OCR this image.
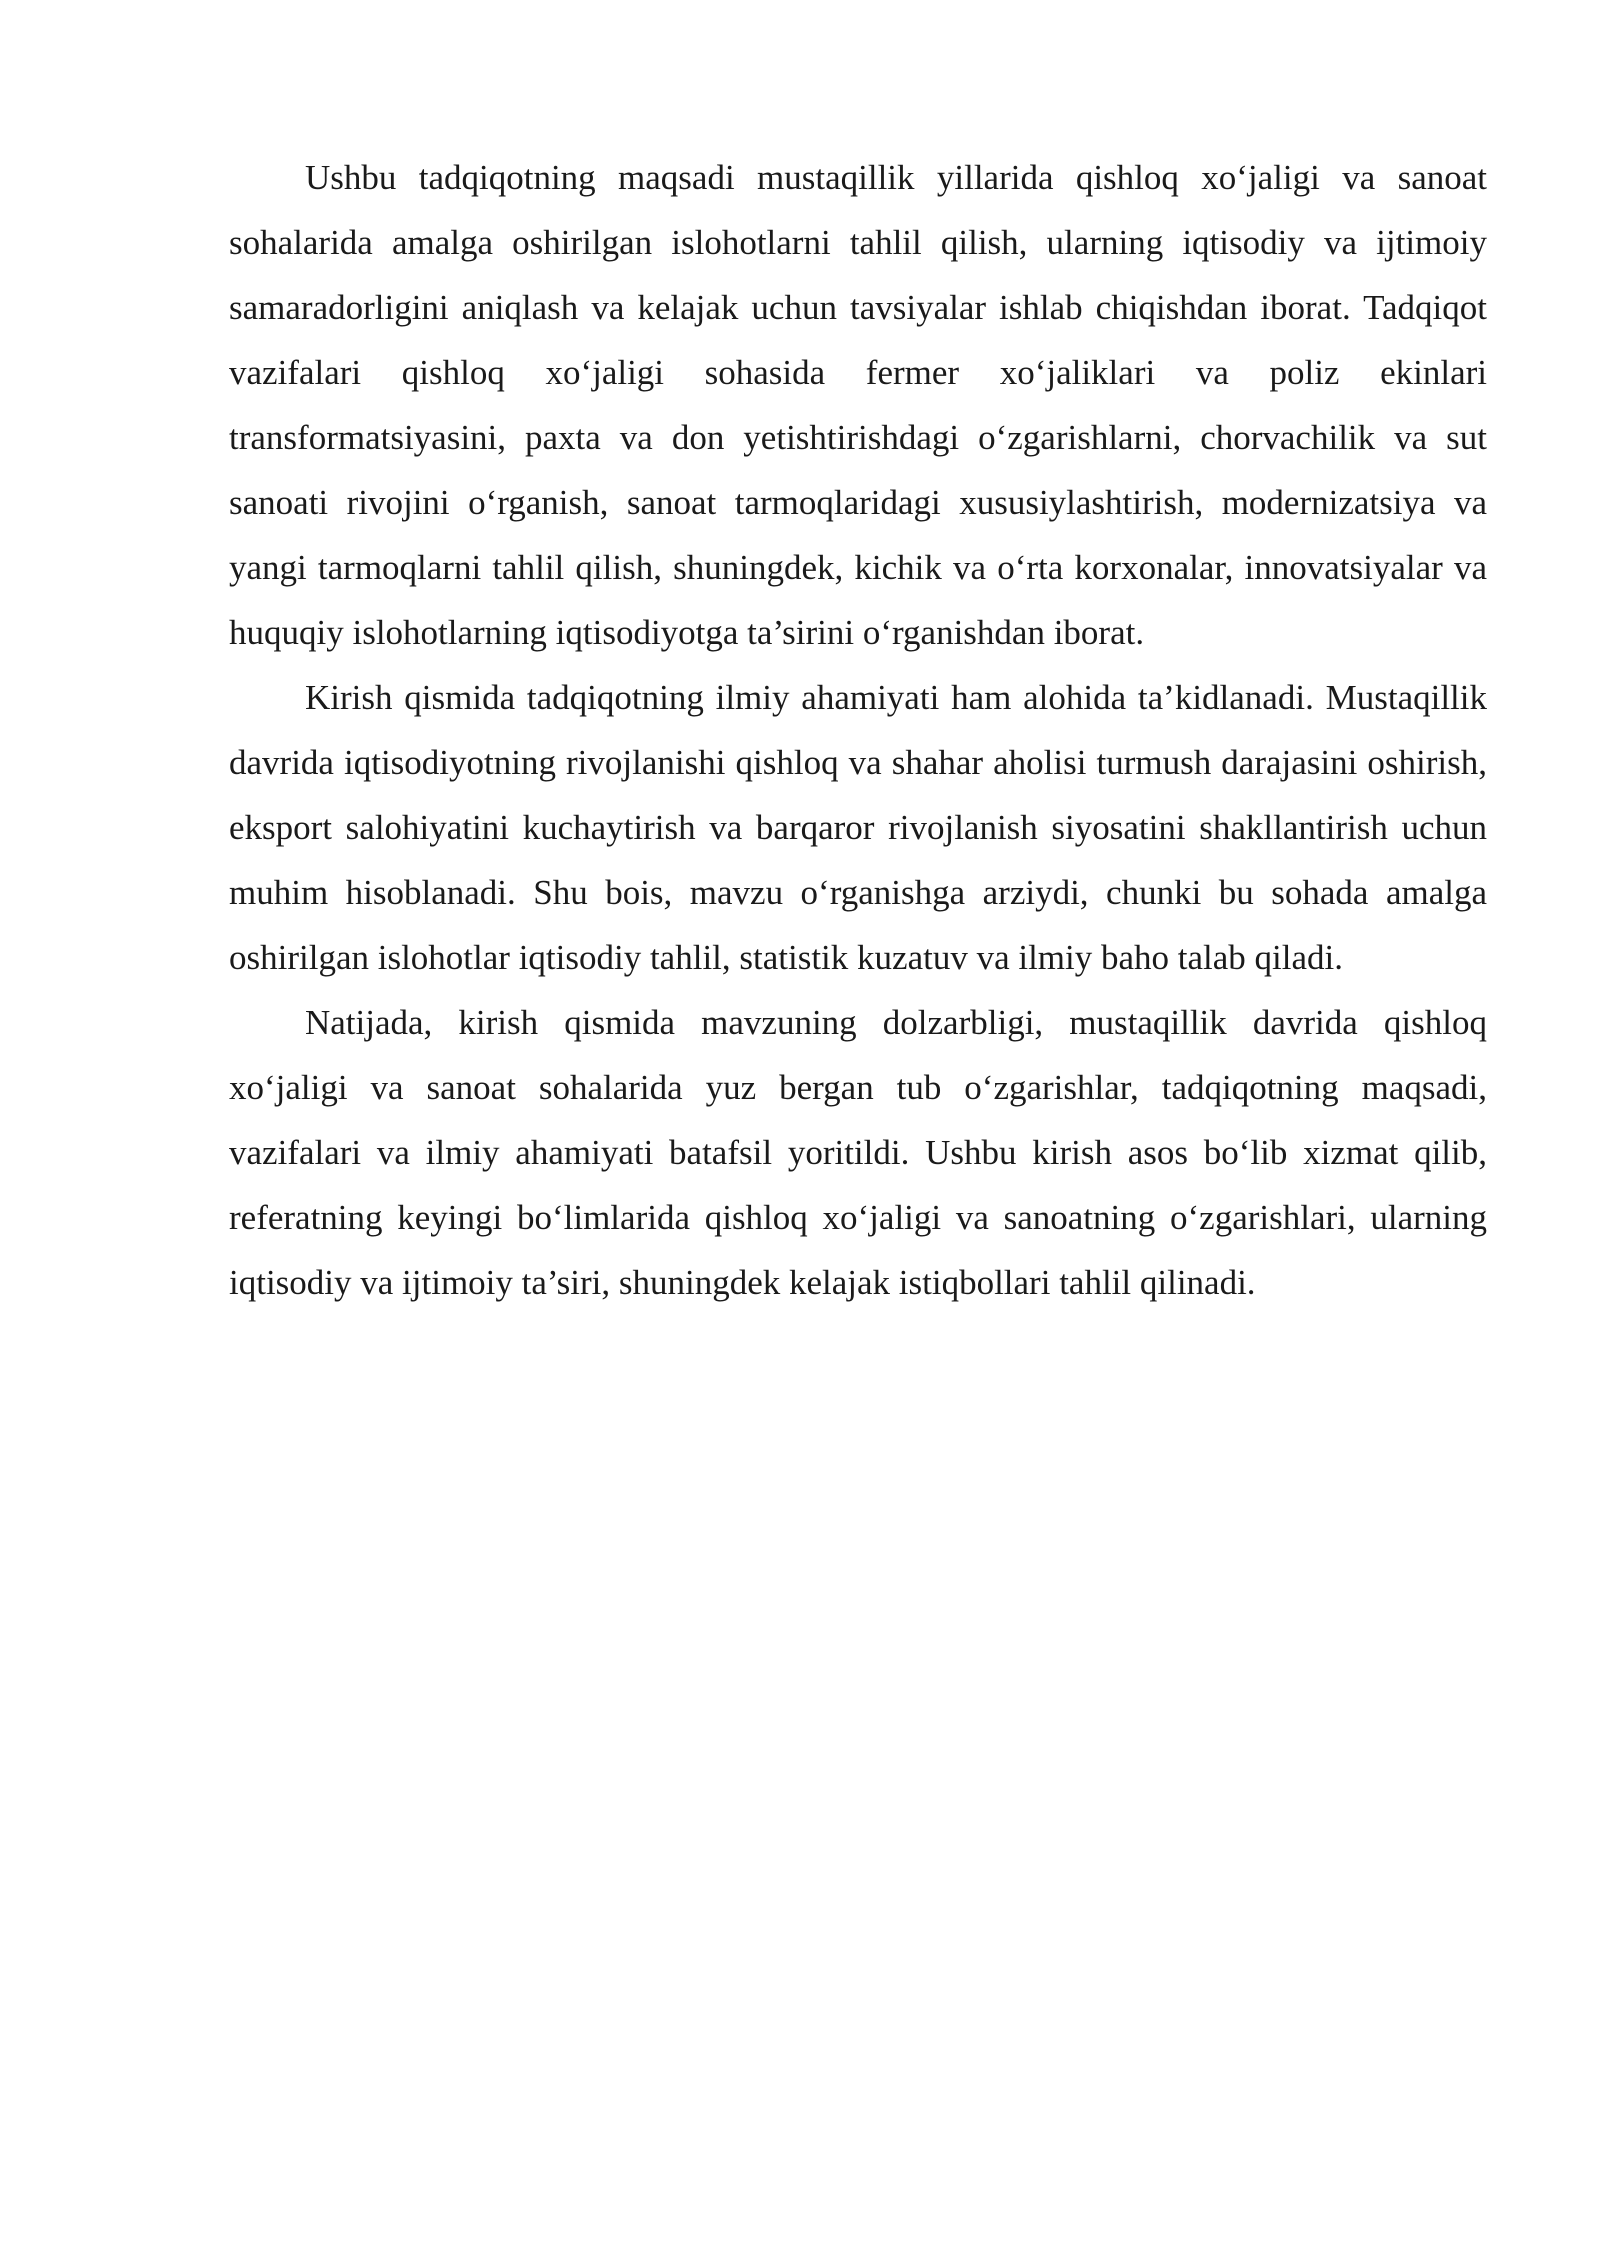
Ushbu tadqiqotning maqsadi mustaqillik yillarida qishloq xo‘jaligi va sanoat sohalarida amalga oshirilgan islohotlarni tahlil qilish, ularning iqtisodiy va ijtimoiy samaradorligini aniqlash va kelajak uchun tavsiyalar ishlab chiqishdan iborat. Tadqiqot vazifalari qishloq xo‘jaligi sohasida fermer xo‘jaliklari va poliz ekinlari transformatsiyasini, paxta va don yetishtirishdagi o‘zgarishlarni, chorvachilik va sut sanoati rivojini o‘rganish, sanoat tarmoqlaridagi xususiylashtirish, modernizatsiya va yangi tarmoqlarni tahlil qilish, shuningdek, kichik va o‘rta korxonalar, innovatsiyalar va huquqiy islohotlarning iqtisodiyotga ta’sirini o‘rganishdan iborat.

Kirish qismida tadqiqotning ilmiy ahamiyati ham alohida ta’kidlanadi. Mustaqillik davrida iqtisodiyotning rivojlanishi qishloq va shahar aholisi turmush darajasini oshirish, eksport salohiyatini kuchaytirish va barqaror rivojlanish siyosatini shakllantirish uchun muhim hisoblanadi. Shu bois, mavzu o‘rganishga arziydi, chunki bu sohada amalga oshirilgan islohotlar iqtisodiy tahlil, statistik kuzatuv va ilmiy baho talab qiladi.

Natijada, kirish qismida mavzuning dolzarbligi, mustaqillik davrida qishloq xo‘jaligi va sanoat sohalarida yuz bergan tub o‘zgarishlar, tadqiqotning maqsadi, vazifalari va ilmiy ahamiyati batafsil yoritildi. Ushbu kirish asos bo‘lib xizmat qilib, referatning keyingi bo‘limlarida qishloq xo‘jaligi va sanoatning o‘zgarishlari, ularning iqtisodiy va ijtimoiy ta’siri, shuningdek kelajak istiqbollari tahlil qilinadi.
